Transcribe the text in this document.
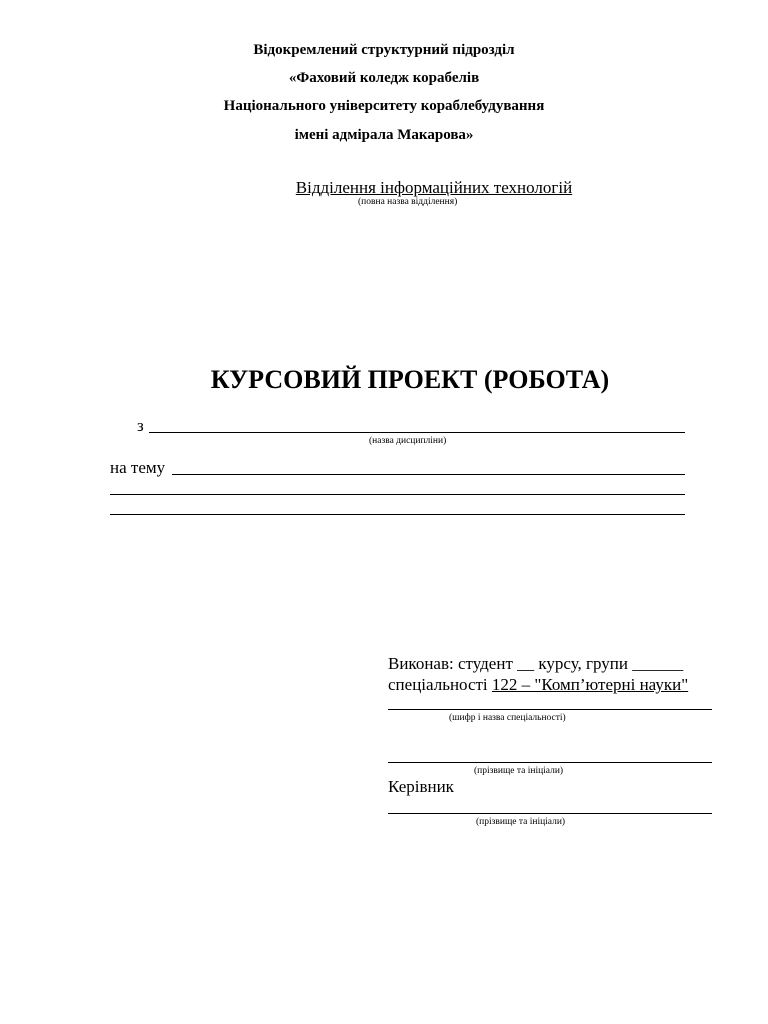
Відокремлений структурний підрозділ
«Фаховий коледж корабелів
Національного університету кораблебудування
імені адмірала Макарова»
Відділення інформаційних технологій
(повна назва відділення)
КУРСОВИЙ ПРОЕКТ (РОБОТА)
з
(назва дисципліни)
на тему
Виконав: студент __ курсу, групи ______
спеціальності 122 – "Комп’ютерні науки"
(шифр і назва спеціальності)
(прізвище та ініціали)
Керівник
(прізвище та ініціали)
